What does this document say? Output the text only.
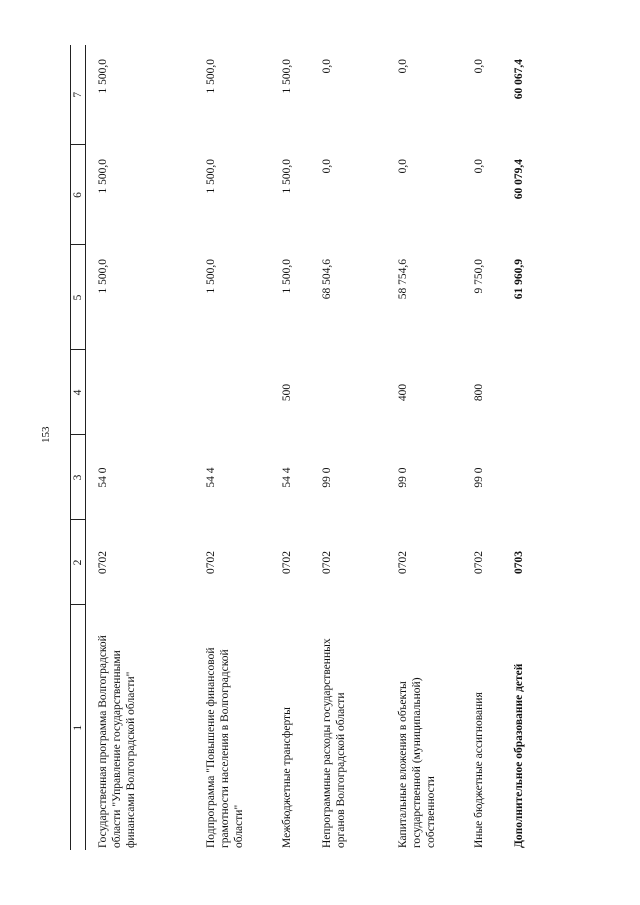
153
1	2	3	4	5	6	7
Государственная программа Волгоградской области "Управление государственными финансами Волгоградской области"	0702	54 0		1 500,0	1 500,0	1 500,0
Подпрограмма "Повышение финансовой грамотности населения в Волгоградской области"	0702	54 4		1 500,0	1 500,0	1 500,0
Межбюджетные трансферты	0702	54 4	500	1 500,0	1 500,0	1 500,0
Непрограммные расходы государственных органов Волгоградской области	0702	99 0		68 504,6	0,0	0,0
Капитальные вложения в объекты государственной (муниципальной) собственности	0702	99 0	400	58 754,6	0,0	0,0
Иные бюджетные ассигнования	0702	99 0	800	9 750,0	0,0	0,0
Дополнительное образование детей	0703			61 960,9	60 079,4	60 067,4
